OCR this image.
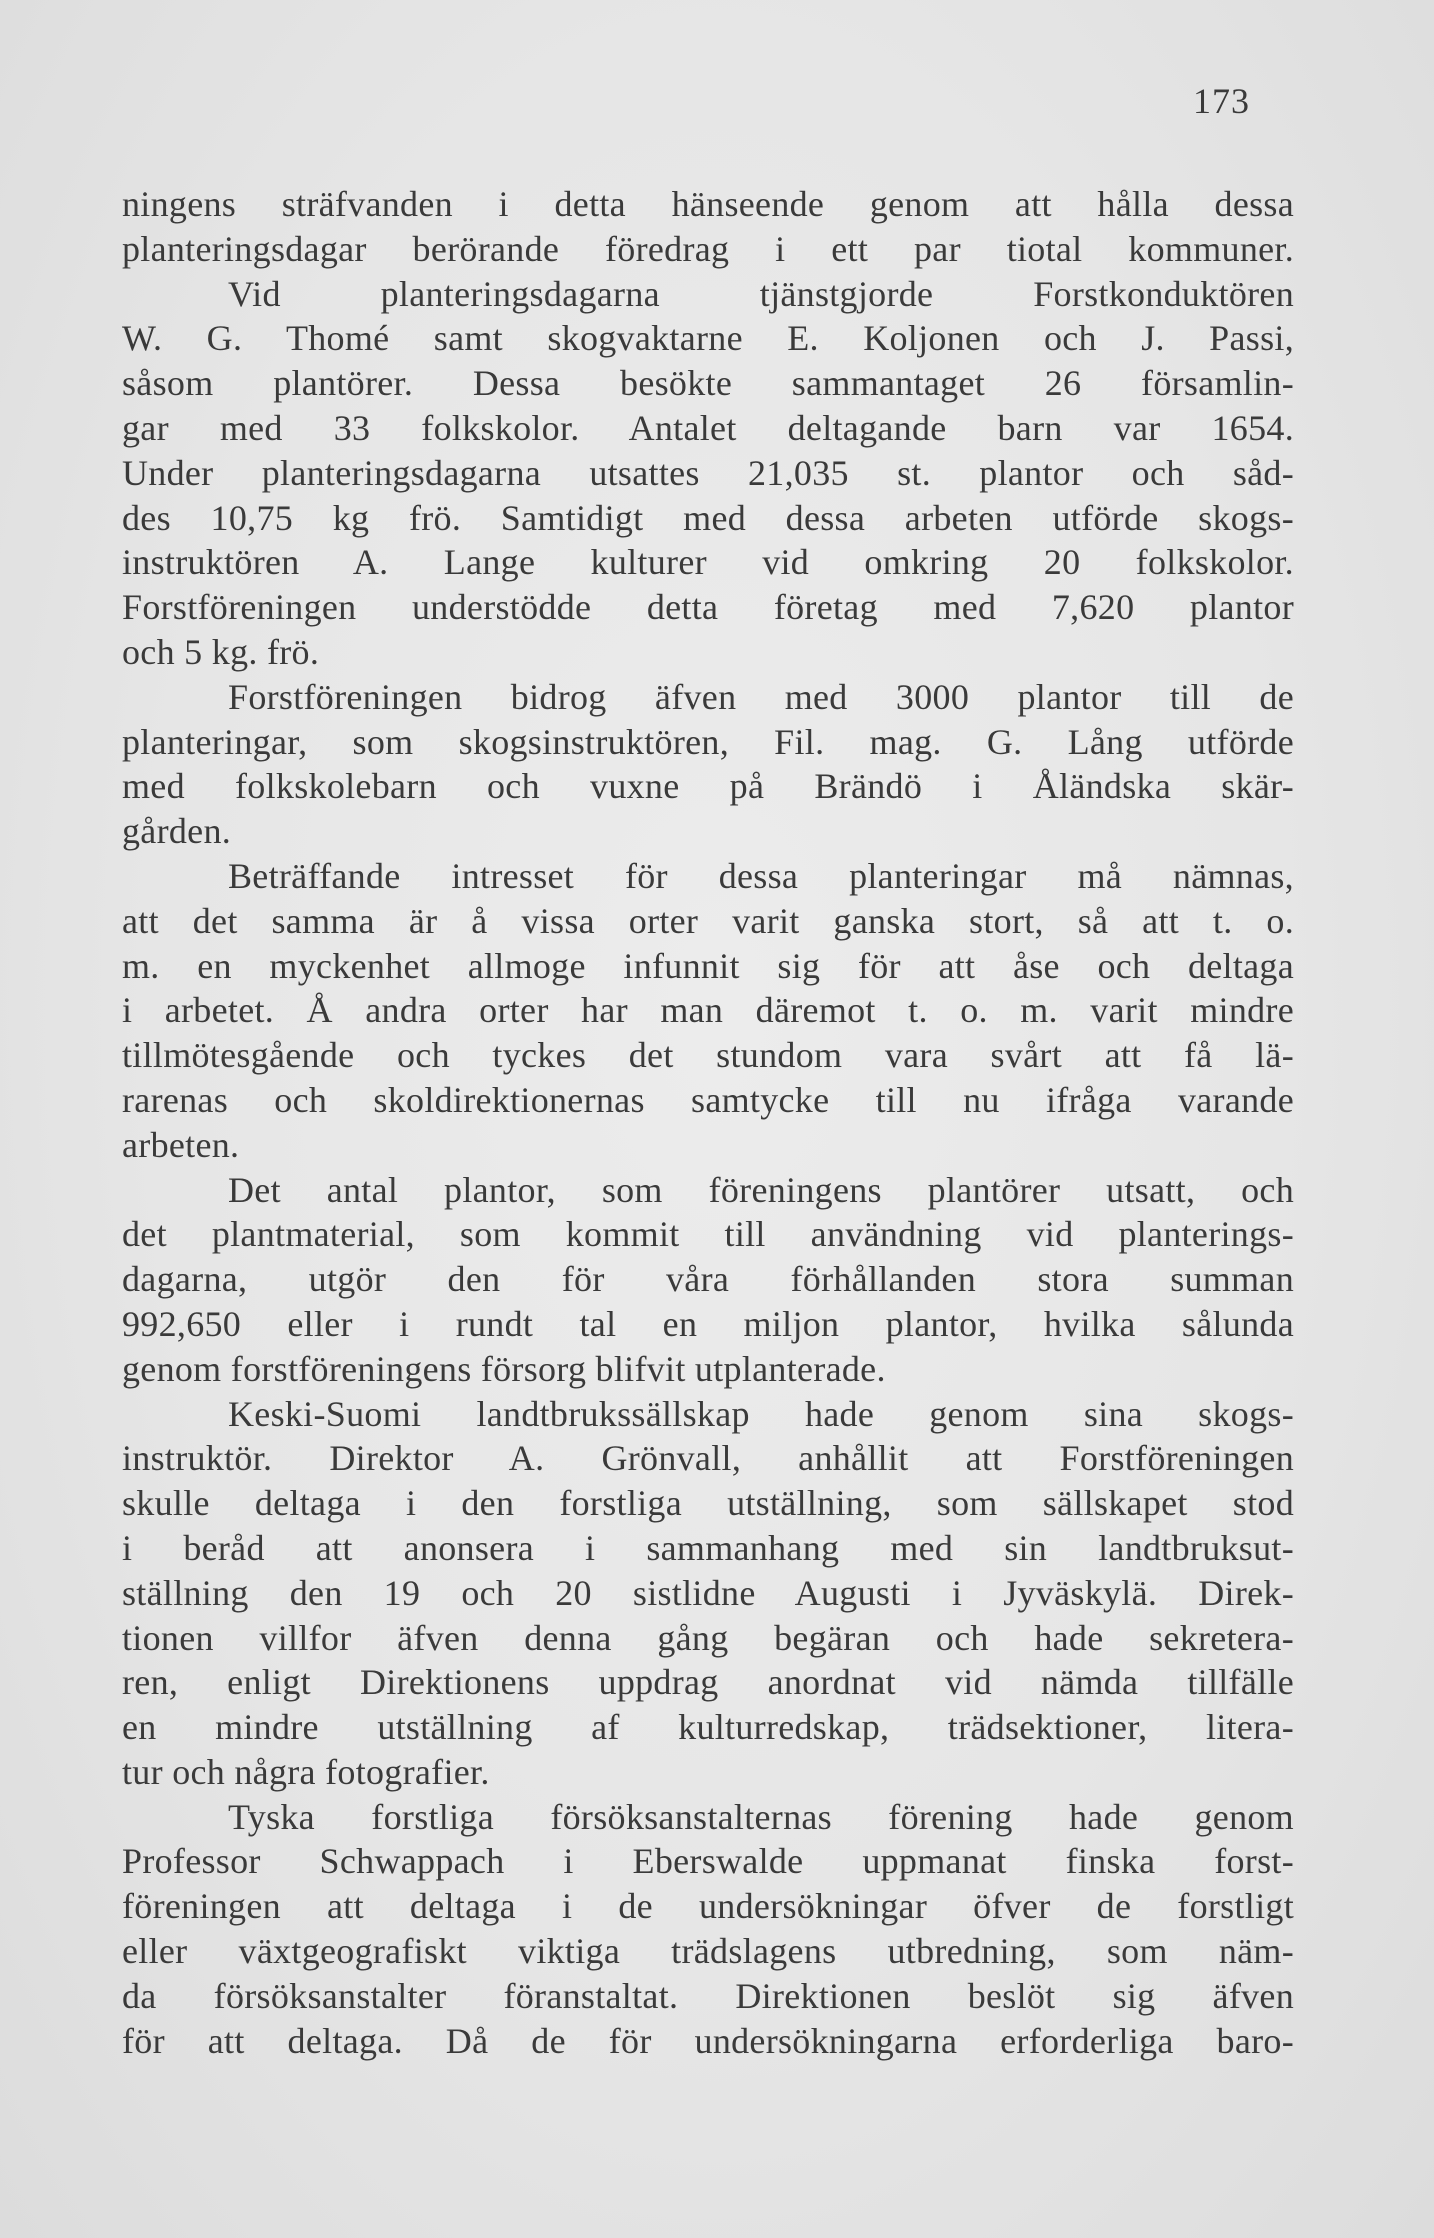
173
ningens sträfvanden i detta hänseende genom att hålla dessa
planteringsdagar berörande föredrag i ett par tiotal kommuner.
Vid planteringsdagarna tjänstgjorde Forstkonduktören
W. G. Thomé samt skogvaktarne E. Koljonen och J. Passi,
såsom plantörer. Dessa besökte sammantaget 26 församlin-
gar med 33 folkskolor. Antalet deltagande barn var 1654.
Under planteringsdagarna utsattes 21,035 st. plantor och såd-
des 10,75 kg frö. Samtidigt med dessa arbeten utförde skogs-
instruktören A. Lange kulturer vid omkring 20 folkskolor.
Forstföreningen understödde detta företag med 7,620 plantor
och 5 kg. frö.
Forstföreningen bidrog äfven med 3000 plantor till de
planteringar, som skogsinstruktören, Fil. mag. G. Lång utförde
med folkskolebarn och vuxne på Brändö i Åländska skär-
gården.
Beträffande intresset för dessa planteringar må nämnas,
att det samma är å vissa orter varit ganska stort, så att t. o.
m. en myckenhet allmoge infunnit sig för att åse och deltaga
i arbetet. Å andra orter har man däremot t. o. m. varit mindre
tillmötesgående och tyckes det stundom vara svårt att få lä-
rarenas och skoldirektionernas samtycke till nu ifråga varande
arbeten.
Det antal plantor, som föreningens plantörer utsatt, och
det plantmaterial, som kommit till användning vid planterings-
dagarna, utgör den för våra förhållanden stora summan
992,650 eller i rundt tal en miljon plantor, hvilka sålunda
genom forstföreningens försorg blifvit utplanterade.
Keski-Suomi landtbrukssällskap hade genom sina skogs-
instruktör. Direktor A. Grönvall, anhållit att Forstföreningen
skulle deltaga i den forstliga utställning, som sällskapet stod
i beråd att anonsera i sammanhang med sin landtbruksut-
ställning den 19 och 20 sistlidne Augusti i Jyväskylä. Direk-
tionen villfor äfven denna gång begäran och hade sekretera-
ren, enligt Direktionens uppdrag anordnat vid nämda tillfälle
en mindre utställning af kulturredskap, trädsektioner, litera-
tur och några fotografier.
Tyska forstliga försöksanstalternas förening hade genom
Professor Schwappach i Eberswalde uppmanat finska forst-
föreningen att deltaga i de undersökningar öfver de forstligt
eller växtgeografiskt viktiga trädslagens utbredning, som näm-
da försöksanstalter föranstaltat. Direktionen beslöt sig äfven
för att deltaga. Då de för undersökningarna erforderliga baro-
